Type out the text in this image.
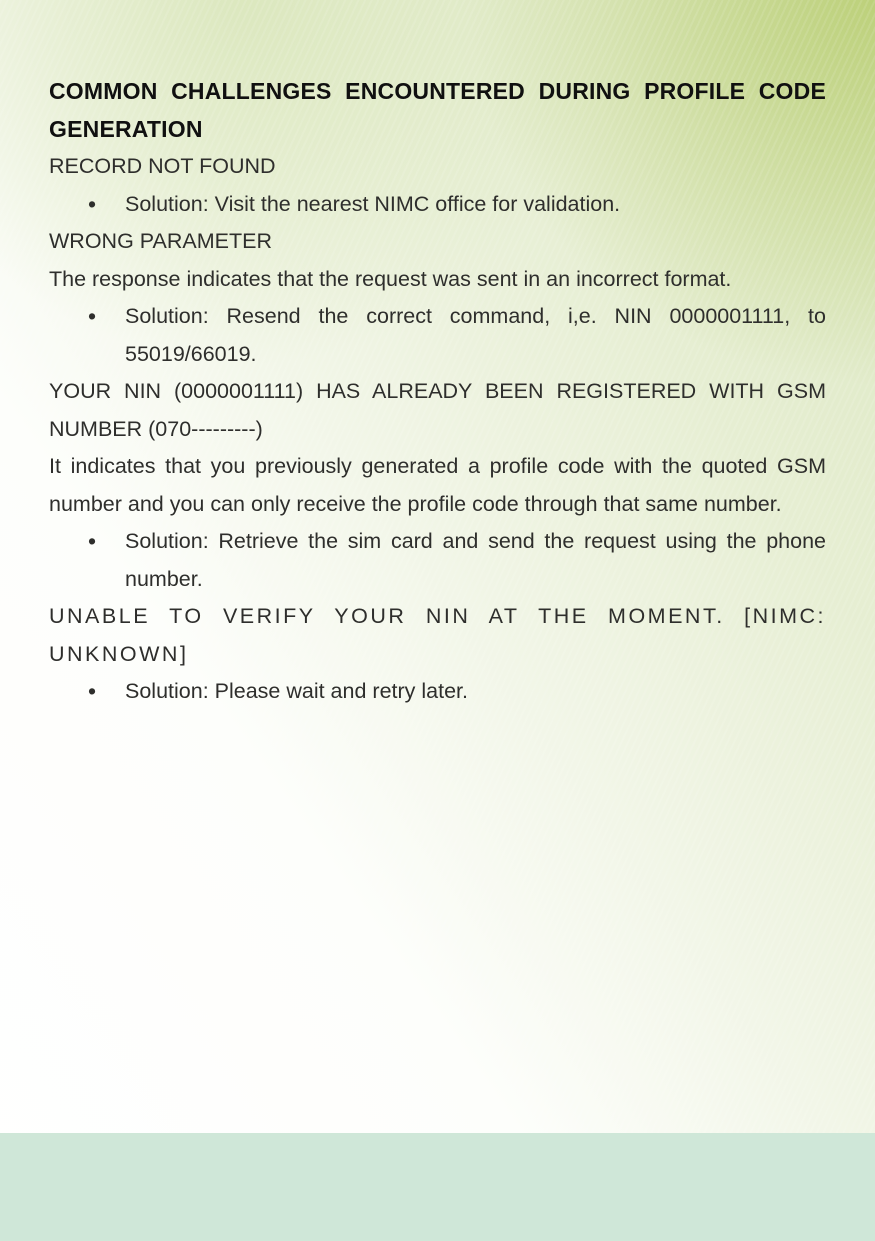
COMMON CHALLENGES ENCOUNTERED DURING PROFILE CODE GENERATION
RECORD NOT FOUND
• Solution: Visit the nearest NIMC office for validation.
WRONG PARAMETER

The response indicates that the request was sent in an incorrect format.

• Solution: Resend the correct command, i,e. NIN 0000001111, to 55019/66019.
YOUR NIN (0000001111) HAS ALREADY BEEN REGISTERED WITH GSM NUMBER (070---------)

It indicates that you previously generated a profile code with the quoted GSM number and you can only receive the profile code through that same number.

• Solution: Retrieve the sim card and send the request using the phone number.
UNABLE TO VERIFY YOUR NIN AT THE MOMENT. [NIMC: UNKNOWN]
• Solution: Please wait and retry later.
